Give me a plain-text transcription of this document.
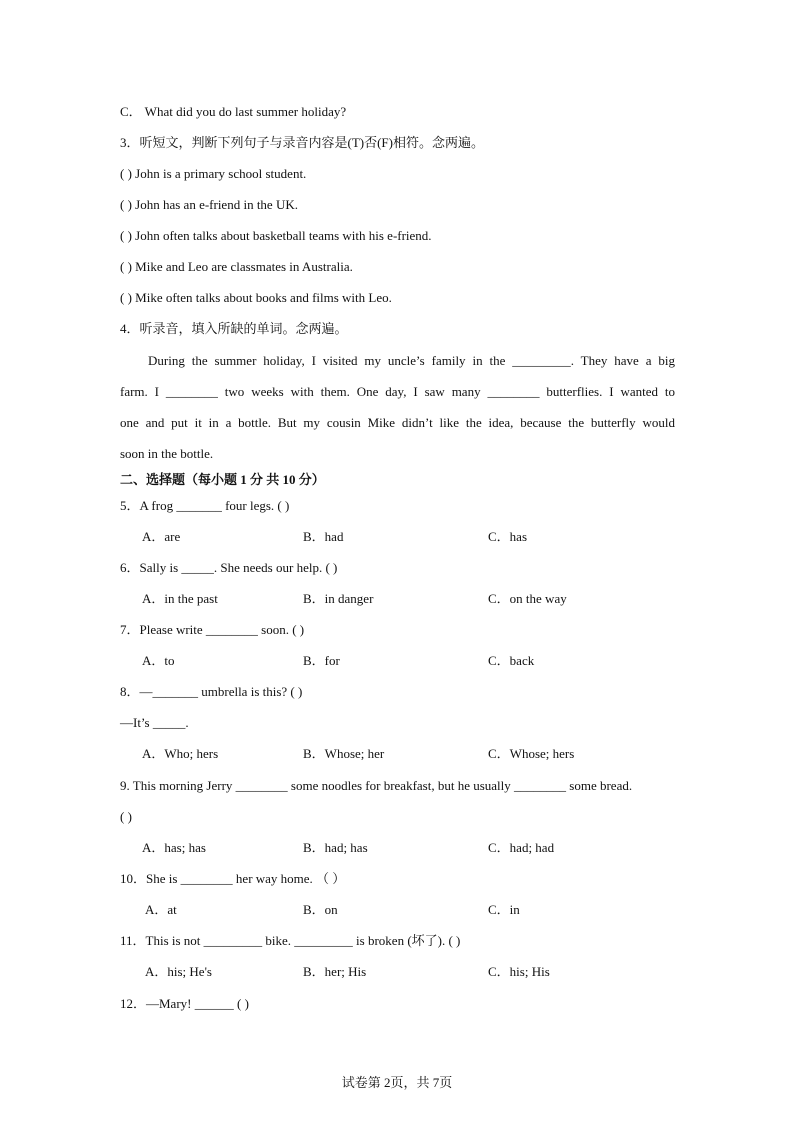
C． What did you do last summer holiday?
3．听短文，判断下列句子与录音内容是(T)否(F)相符。念两遍。
( ) John is a primary school student.
( ) John has an e-friend in the UK.
( ) John often talks about basketball teams with his e-friend.
( ) Mike and Leo are classmates in Australia.
( ) Mike often talks about books and films with Leo.
4．听录音，填入所缺的单词。念两遍。
During the summer holiday, I visited my uncle’s family in the _________. They have a big
farm. I ________ two weeks with them. One day, I saw many ________ butterflies. I wanted to
one and put it in a bottle. But my cousin Mike didn’t like the idea, because the butterfly would
soon in the bottle.
二、选择题（每小题 1 分 共 10 分）
5．A frog _______ four legs. ( )
A．are	B．had	C．has
6．Sally is _____. She needs our help. ( )
A．in the past	B．in danger	C．on the way
7．Please write ________ soon. ( )
A．to	B．for	C．back
8．—_______ umbrella is this? ( )
—It’s _____.
A．Who; hers	B．Whose; her	C．Whose; hers
9. This morning Jerry ________ some noodles for breakfast, but he usually ________ some bread.
( )
A．has; has	B．had; has	C．had; had
10．She is ________ her way home. （ ）
A．at	B．on	C．in
11．This is not _________ bike. _________ is broken (坏了). ( )
A．his; He's	B．her; His	C．his; His
12．—Mary! ______ ( )
试卷第 2页，共 7页
